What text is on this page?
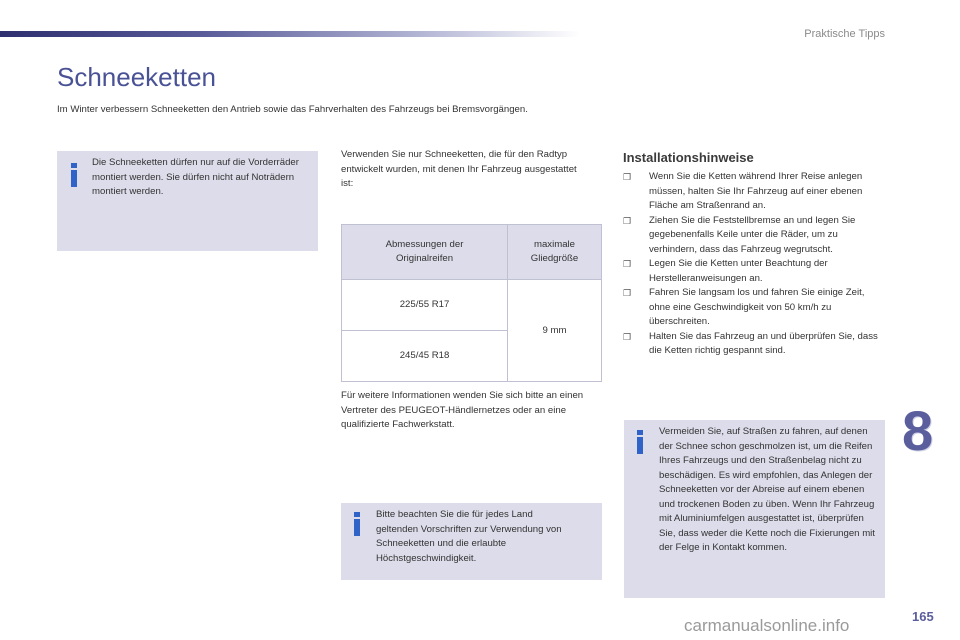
Praktische Tipps
Schneeketten
Im Winter verbessern Schneeketten den Antrieb sowie das Fahrverhalten des Fahrzeugs bei Bremsvorgängen.
Die Schneeketten dürfen nur auf die Vorderräder montiert werden. Sie dürfen nicht auf Noträdern montiert werden.
Verwenden Sie nur Schneeketten, die für den Radtyp entwickelt wurden, mit denen Ihr Fahrzeug ausgestattet ist:
Abmessungen der Originalreifen	maximale Gliedgröße
225/55 R17	9 mm
245/45 R18	
Für weitere Informationen wenden Sie sich bitte an einen Vertreter des PEUGEOT-Händlernetzes oder an eine qualifizierte Fachwerkstatt.
Bitte beachten Sie die für jedes Land geltenden Vorschriften zur Verwendung von Schneeketten und die erlaubte Höchstgeschwindigkeit.
Installationshinweise
❒ Wenn Sie die Ketten während Ihrer Reise anlegen müssen, halten Sie Ihr Fahrzeug auf einer ebenen Fläche am Straßenrand an.
❒ Ziehen Sie die Feststellbremse an und legen Sie gegebenenfalls Keile unter die Räder, um zu verhindern, dass das Fahrzeug wegrutscht.
❒ Legen Sie die Ketten unter Beachtung der Herstelleranweisungen an.
❒ Fahren Sie langsam los und fahren Sie einige Zeit, ohne eine Geschwindigkeit von 50 km/h zu überschreiten.
❒ Halten Sie das Fahrzeug an und überprüfen Sie, dass die Ketten richtig gespannt sind.
Vermeiden Sie, auf Straßen zu fahren, auf denen der Schnee schon geschmolzen ist, um die Reifen Ihres Fahrzeugs und den Straßenbelag nicht zu beschädigen. Es wird empfohlen, das Anlegen der Schneeketten vor der Abreise auf einem ebenen und trockenen Boden zu üben. Wenn Ihr Fahrzeug mit Aluminiumfelgen ausgestattet ist, überprüfen Sie, dass weder die Kette noch die Fixierungen mit der Felge in Kontakt kommen.
8
carmanualsonline.info	165
